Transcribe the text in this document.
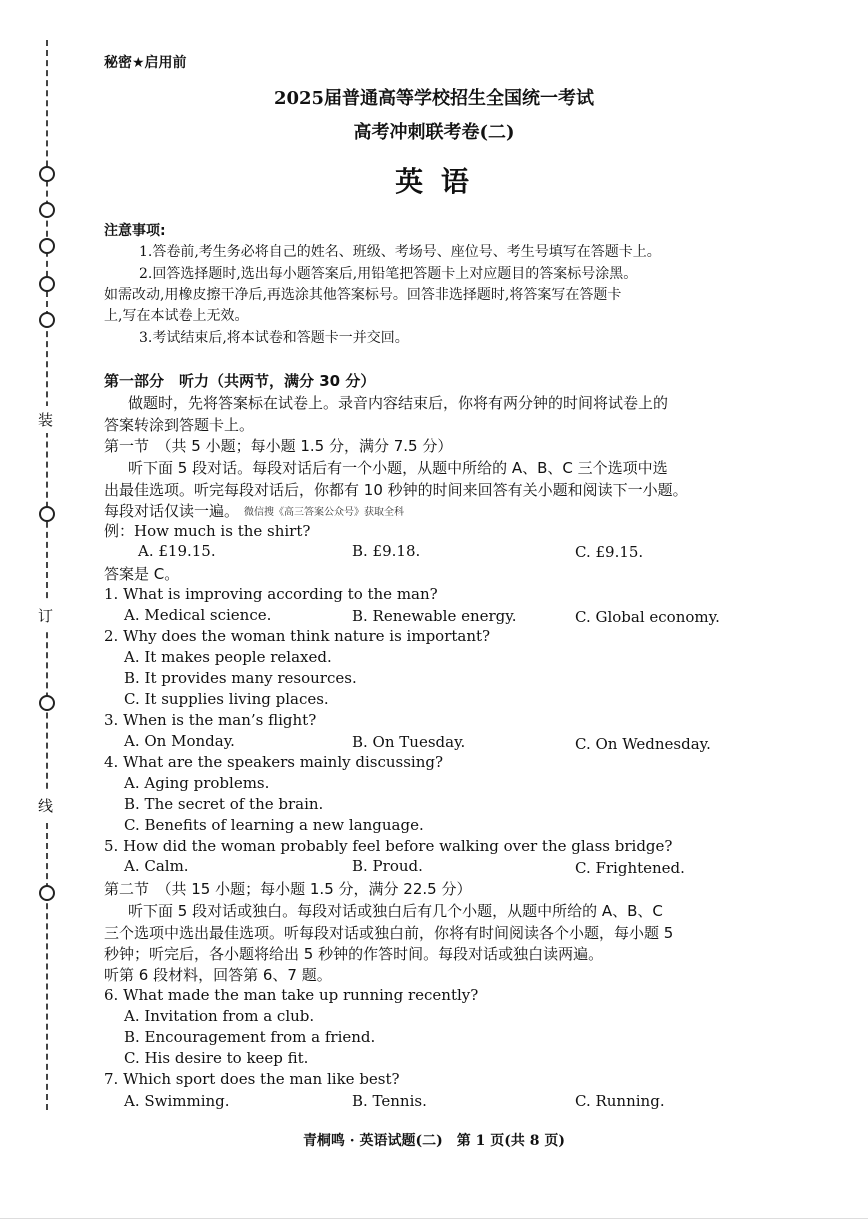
装
订
线
秘密★启用前
2025届普通高等学校招生全国统一考试
高考冲刺联考卷(二)
英 语
注意事项:
1.答卷前,考生务必将自己的姓名、班级、考场号、座位号、考生号填写在答题卡上。
2.回答选择题时,选出每小题答案后,用铅笔把答题卡上对应题目的答案标号涂黑。
如需改动,用橡皮擦干净后,再选涂其他答案标号。回答非选择题时,将答案写在答题卡
上,写在本试卷上无效。
3.考试结束后,将本试卷和答题卡一并交回。
第一部分　听力（共两节，满分 30 分）
做题时，先将答案标在试卷上。录音内容结束后，你将有两分钟的时间将试卷上的
答案转涂到答题卡上。
第一节　（共 5 小题；每小题 1.5 分，满分 7.5 分）
听下面 5 段对话。每段对话后有一个小题，从题中所给的 A、B、C 三个选项中选
出最佳选项。听完每段对话后，你都有 10 秒钟的时间来回答有关小题和阅读下一小题。
每段对话仅读一遍。 微信搜《高三答案公众号》获取全科
例：How much is the shirt?
A. £19.15.	B. £9.18.	C. £9.15.
答案是 C。
1. What is improving according to the man?
A. Medical science.	B. Renewable energy.	C. Global economy.
2. Why does the woman think nature is important?
A. It makes people relaxed.
B. It provides many resources.
C. It supplies living places.
3. When is the man’s flight?
A. On Monday.	B. On Tuesday.	C. On Wednesday.
4. What are the speakers mainly discussing?
A. Aging problems.
B. The secret of the brain.
C. Benefits of learning a new language.
5. How did the woman probably feel before walking over the glass bridge?
A. Calm.	B. Proud.	C. Frightened.
第二节　（共 15 小题；每小题 1.5 分，满分 22.5 分）
听下面 5 段对话或独白。每段对话或独白后有几个小题，从题中所给的 A、B、C
三个选项中选出最佳选项。听每段对话或独白前，你将有时间阅读各个小题，每小题 5
秒钟；听完后，各小题将给出 5 秒钟的作答时间。每段对话或独白读两遍。
听第 6 段材料，回答第 6、7 题。
6. What made the man take up running recently?
A. Invitation from a club.
B. Encouragement from a friend.
C. His desire to keep fit.
7. Which sport does the man like best?
A. Swimming.	B. Tennis.	C. Running.
青桐鸣 · 英语试题(二)　第 1 页(共 8 页)
